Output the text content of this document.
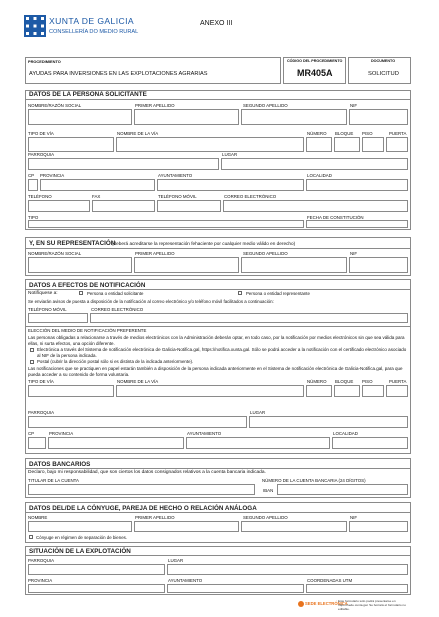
XUNTA DE GALICIA
CONSELLERÍA DO MEDIO RURAL
ANEXO III
PROCEDIMIENTO
AYUDAS PARA INVERSIONES EN LAS EXPLOTACIONES AGRARIAS
CÓDIGO DEL PROCEDIMIENTO
MR405A
DOCUMENTO
SOLICITUD
DATOS DE LA PERSONA SOLICITANTE
NOMBRE/RAZÓN SOCIAL	PRIMER APELLIDO	SEGUNDO APELLIDO	NIF
TIPO DE VÍA	NOMBRE DE LA VÍA	NÚMERO BLOQUE PISO	PUERTA
PARROQUIA	LUGAR
CP PROVINCIA	AYUNTAMIENTO	LOCALIDAD
TELÉFONO	FAX	TELÉFONO MÓVIL	CORREO ELECTRÓNICO
TIPO	FECHA DE CONSTITUCIÓN
Y, EN SU REPRESENTACIÓN
(deberá acreditarse la representación fehaciente por cualquier medio válido en derecho)
NOMBRE/RAZÓN SOCIAL	PRIMER APELLIDO	SEGUNDO APELLIDO	NIF
DATOS A EFECTOS DE NOTIFICACIÓN
Notifíquese a:	Persona o entidad solicitante	Persona o entidad representante
Se enviarán avisos de puesta a disposición de la notificación al correo electrónico y/o teléfono móvil facilitados a continuación:
TELÉFONO MÓVIL	CORREO ELECTRÓNICO
ELECCIÓN DEL MEDIO DE NOTIFICACIÓN PREFERENTE
Las personas obligadas a relacionarse a través de medios electrónicos con la Administración deberán optar, en todo caso, por la notificación por medios electrónicos sin que sea válida para ellas, ni surta efectos, una opción diferente.
Electrónica a través del Sistema de notificación electrónica de Galicia-Notifica.gal, https://notifica.xunta.gal. Sólo se podrá acceder a la notificación con el certificado electrónico asociado al NIF de la persona indicada.
Postal (cubrir la dirección postal sólo si es distinta de la indicada anteriormente).
Las notificaciones que se practiquen en papel estarán también a disposición de la persona indicada anteriormente en el Sistema de notificación electrónica de Galicia-Notifica.gal, para que pueda acceder a su contenido de forma voluntaria.
TIPO DE VÍA	NOMBRE DE LA VÍA	NÚMERO BLOQUE PISO	PUERTA
PARROQUIA	LUGAR
CP	PROVINCIA	AYUNTAMIENTO	LOCALIDAD
DATOS BANCARIOS
Declaro, bajo mi responsabilidad, que son ciertos los datos consignados relativos a la cuenta bancaria indicada.
TITULAR DE LA CUENTA	NÚMERO DE LA CUENTA BANCARIA (24 DÍGITOS)
IBAN
DATOS DEL/DE LA CÓNYUGE, PAREJA DE HECHO O RELACIÓN ANÁLOGA
NOMBRE	PRIMER APELLIDO	SEGUNDO APELLIDO	NIF
Cónyuge en régimen de separación de bienes.
SITUACIÓN DE LA EXPLOTACIÓN
PARROQUIA	LUGAR
PROVINCIA	AYUNTAMIENTO	COORDENADAS UTM
SEDE ELECTRÓNICA
Este formulario sólo podrá presentarse en https://sede.xunta.gal. Se borrará el formulario no editable.
